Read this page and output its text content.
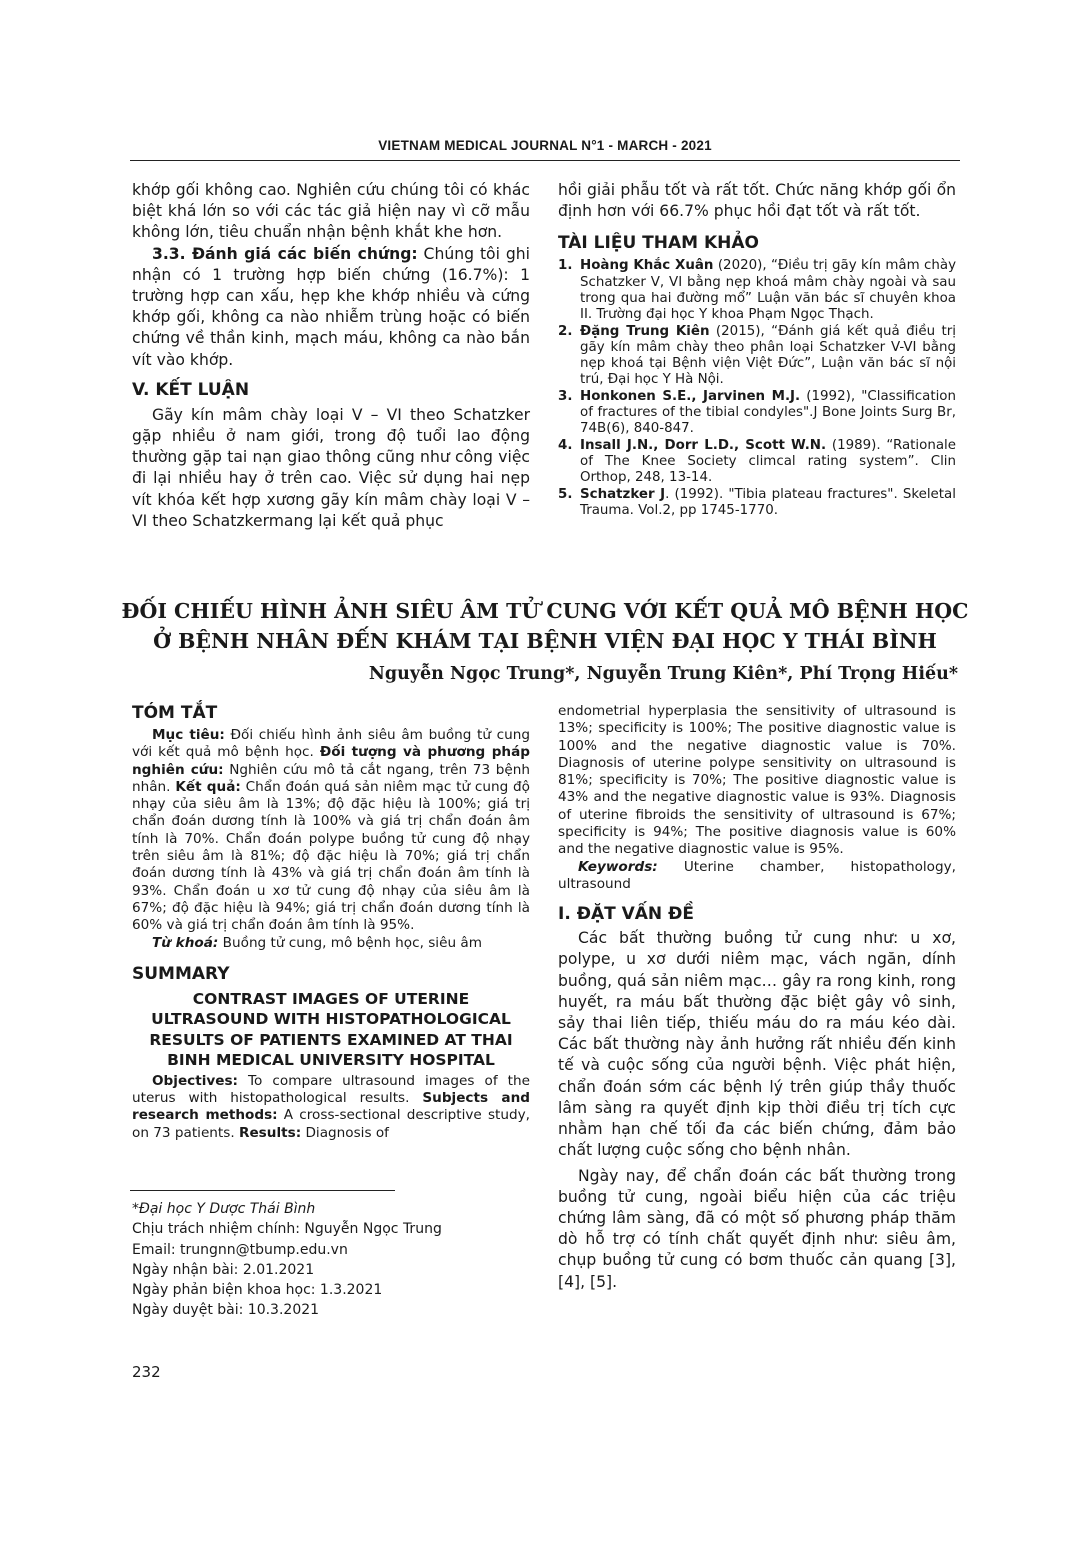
VIETNAM MEDICAL JOURNAL N°1 - MARCH - 2021

khớp gối không cao. Nghiên cứu chúng tôi có khác biệt khá lớn so với các tác giả hiện nay vì cỡ mẫu không lớn, tiêu chuẩn nhận bệnh khắt khe hơn.

3.3. Đánh giá các biến chứng: Chúng tôi ghi nhận có 1 trường hợp biến chứng (16.7%): 1 trường hợp can xấu, hẹp khe khớp nhiều và cứng khớp gối, không ca nào nhiễm trùng hoặc có biến chứng về thần kinh, mạch máu, không ca nào bắn vít vào khớp.

V. KẾT LUẬN

Gãy kín mâm chày loại V – VI theo Schatzker gặp nhiều ở nam giới, trong độ tuổi lao động thường gặp tai nạn giao thông cũng như công việc đi lại nhiều hay ở trên cao. Việc sử dụng hai nẹp vít khóa kết hợp xương gãy kín mâm chày loại V – VI theo Schatzkermang lại kết quả phục

hồi giải phẫu tốt và rất tốt. Chức năng khớp gối ổn định hơn với 66.7% phục hồi đạt tốt và rất tốt.

TÀI LIỆU THAM KHẢO
1. Hoàng Khắc Xuân (2020), “Điều trị gãy kín mâm chày Schatzker V, VI bằng nẹp khoá mâm chày ngoài và sau trong qua hai đường mổ” Luận văn bác sĩ chuyên khoa II. Trường đại học Y khoa Phạm Ngọc Thạch.
2. Đặng Trung Kiên (2015), “Đánh giá kết quả điều trị gãy kín mâm chày theo phân loại Schatzker V-VI bằng nẹp khoá tại Bệnh viện Việt Đức”, Luận văn bác sĩ nội trú, Đại học Y Hà Nội.
3. Honkonen S.E., Jarvinen M.J. (1992), "Classification of fractures of the tibial condyles".J Bone Joints Surg Br, 74B(6), 840-847.
4. Insall J.N., Dorr L.D., Scott W.N. (1989). “Rationale of The Knee Society climcal rating system”. Clin Orthop, 248, 13-14.
5. Schatzker J. (1992). "Tibia plateau fractures". Skeletal Trauma. Vol.2, pp 1745-1770.
ĐỐI CHIẾU HÌNH ẢNH SIÊU ÂM TỬ CUNG VỚI KẾT QUẢ MÔ BỆNH HỌC
Ở BỆNH NHÂN ĐẾN KHÁM TẠI BỆNH VIỆN ĐẠI HỌC Y THÁI BÌNH
Nguyễn Ngọc Trung*, Nguyễn Trung Kiên*, Phí Trọng Hiếu*
TÓM TẮT

Mục tiêu: Đối chiếu hình ảnh siêu âm buồng tử cung với kết quả mô bệnh học. Đối tượng và phương pháp nghiên cứu: Nghiên cứu mô tả cắt ngang, trên 73 bệnh nhân. Kết quả: Chẩn đoán quá sản niêm mạc tử cung độ nhạy của siêu âm là 13%; độ đặc hiệu là 100%; giá trị chẩn đoán dương tính là 100% và giá trị chẩn đoán âm tính là 70%. Chẩn đoán polype buồng tử cung độ nhạy trên siêu âm là 81%; độ đặc hiệu là 70%; giá trị chẩn đoán dương tính là 43% và giá trị chẩn đoán âm tính là 93%. Chẩn đoán u xơ tử cung độ nhạy của siêu âm là 67%; độ đặc hiệu là 94%; giá trị chẩn đoán dương tính là 60% và giá trị chẩn đoán âm tính là 95%.

Từ khoá: Buồng tử cung, mô bệnh học, siêu âm

SUMMARY
CONTRAST IMAGES OF UTERINE ULTRASOUND WITH HISTOPATHOLOGICAL RESULTS OF PATIENTS EXAMINED AT THAI BINH MEDICAL UNIVERSITY HOSPITAL

Objectives: To compare ultrasound images of the uterus with histopathological results. Subjects and research methods: A cross-sectional descriptive study, on 73 patients. Results: Diagnosis of

endometrial hyperplasia the sensitivity of ultrasound is 13%; specificity is 100%; The positive diagnostic value is 100% and the negative diagnostic value is 70%. Diagnosis of uterine polype sensitivity on ultrasound is 81%; specificity is 70%; The positive diagnostic value is 43% and the negative diagnostic value is 93%. Diagnosis of uterine fibroids the sensitivity of ultrasound is 67%; specificity is 94%; The positive diagnosis value is 60% and the negative diagnostic value is 95%.

Keywords: Uterine chamber, histopathology, ultrasound

I. ĐẶT VẤN ĐỀ

Các bất thường buồng tử cung như: u xơ, polype, u xơ dưới niêm mạc, vách ngăn, dính buồng, quá sản niêm mạc… gây ra rong kinh, rong huyết, ra máu bất thường đặc biệt gây vô sinh, sảy thai liên tiếp, thiếu máu do ra máu kéo dài. Các bất thường này ảnh hưởng rất nhiều đến kinh tế và cuộc sống của người bệnh. Việc phát hiện, chẩn đoán sớm các bệnh lý trên giúp thầy thuốc lâm sàng ra quyết định kịp thời điều trị tích cực nhằm hạn chế tối đa các biến chứng, đảm bảo chất lượng cuộc sống cho bệnh nhân.

Ngày nay, để chẩn đoán các bất thường trong buồng tử cung, ngoài biểu hiện của các triệu chứng lâm sàng, đã có một số phương pháp thăm dò hỗ trợ có tính chất quyết định như: siêu âm, chụp buồng tử cung có bơm thuốc cản quang [3], [4], [5].

*Đại học Y Dược Thái Bình
Chịu trách nhiệm chính: Nguyễn Ngọc Trung
Email: trungnn@tbump.edu.vn
Ngày nhận bài: 2.01.2021
Ngày phản biện khoa học: 1.3.2021
Ngày duyệt bài: 10.3.2021
232
